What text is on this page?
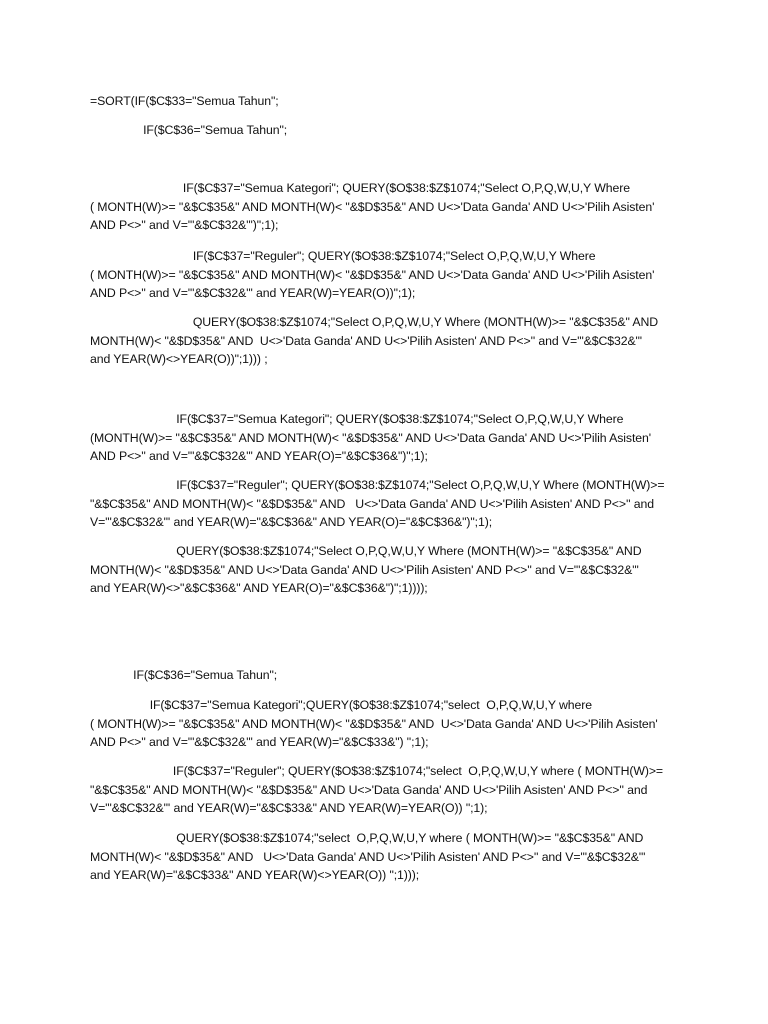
=SORT(IF($C$33="Semua Tahun";
IF($C$36="Semua Tahun";
IF($C$37="Semua Kategori"; QUERY($O$38:$Z$1074;"Select O,P,Q,W,U,Y Where
( MONTH(W)>= "&$C$35&" AND MONTH(W)< "&$D$35&" AND U<>'Data Ganda' AND U<>'Pilih Asisten'
AND P<>'' and V='"&$C$32&"')";1);
IF($C$37="Reguler"; QUERY($O$38:$Z$1074;"Select O,P,Q,W,U,Y Where
( MONTH(W)>= "&$C$35&" AND MONTH(W)< "&$D$35&" AND U<>'Data Ganda' AND U<>'Pilih Asisten'
AND P<>'' and V='"&$C$32&"' and YEAR(W)=YEAR(O))";1);
QUERY($O$38:$Z$1074;"Select O,P,Q,W,U,Y Where (MONTH(W)>= "&$C$35&" AND
MONTH(W)< "&$D$35&" AND  U<>'Data Ganda' AND U<>'Pilih Asisten' AND P<>'' and V='"&$C$32&"'
and YEAR(W)<>YEAR(O))";1))) ;
IF($C$37="Semua Kategori"; QUERY($O$38:$Z$1074;"Select O,P,Q,W,U,Y Where
(MONTH(W)>= "&$C$35&" AND MONTH(W)< "&$D$35&" AND U<>'Data Ganda' AND U<>'Pilih Asisten'
AND P<>'' and V='"&$C$32&"' AND YEAR(O)="&$C$36&")";1);
IF($C$37="Reguler"; QUERY($O$38:$Z$1074;"Select O,P,Q,W,U,Y Where (MONTH(W)>=
"&$C$35&" AND MONTH(W)< "&$D$35&" AND   U<>'Data Ganda' AND U<>'Pilih Asisten' AND P<>'' and
V='"&$C$32&"' and YEAR(W)="&$C$36&" AND YEAR(O)="&$C$36&")";1);
QUERY($O$38:$Z$1074;"Select O,P,Q,W,U,Y Where (MONTH(W)>= "&$C$35&" AND
MONTH(W)< "&$D$35&" AND U<>'Data Ganda' AND U<>'Pilih Asisten' AND P<>'' and V='"&$C$32&"'
and YEAR(W)<>"&$C$36&" AND YEAR(O)="&$C$36&")";1))));
IF($C$36="Semua Tahun";
IF($C$37="Semua Kategori";QUERY($O$38:$Z$1074;"select  O,P,Q,W,U,Y where
( MONTH(W)>= "&$C$35&" AND MONTH(W)< "&$D$35&" AND  U<>'Data Ganda' AND U<>'Pilih Asisten'
AND P<>'' and V='"&$C$32&"' and YEAR(W)="&$C$33&") ";1);
IF($C$37="Reguler"; QUERY($O$38:$Z$1074;"select  O,P,Q,W,U,Y where ( MONTH(W)>=
"&$C$35&" AND MONTH(W)< "&$D$35&" AND U<>'Data Ganda' AND U<>'Pilih Asisten' AND P<>'' and
V='"&$C$32&"' and YEAR(W)="&$C$33&" AND YEAR(W)=YEAR(O)) ";1);
QUERY($O$38:$Z$1074;"select  O,P,Q,W,U,Y where ( MONTH(W)>= "&$C$35&" AND
MONTH(W)< "&$D$35&" AND   U<>'Data Ganda' AND U<>'Pilih Asisten' AND P<>'' and V='"&$C$32&"'
and YEAR(W)="&$C$33&" AND YEAR(W)<>YEAR(O)) ";1)));
